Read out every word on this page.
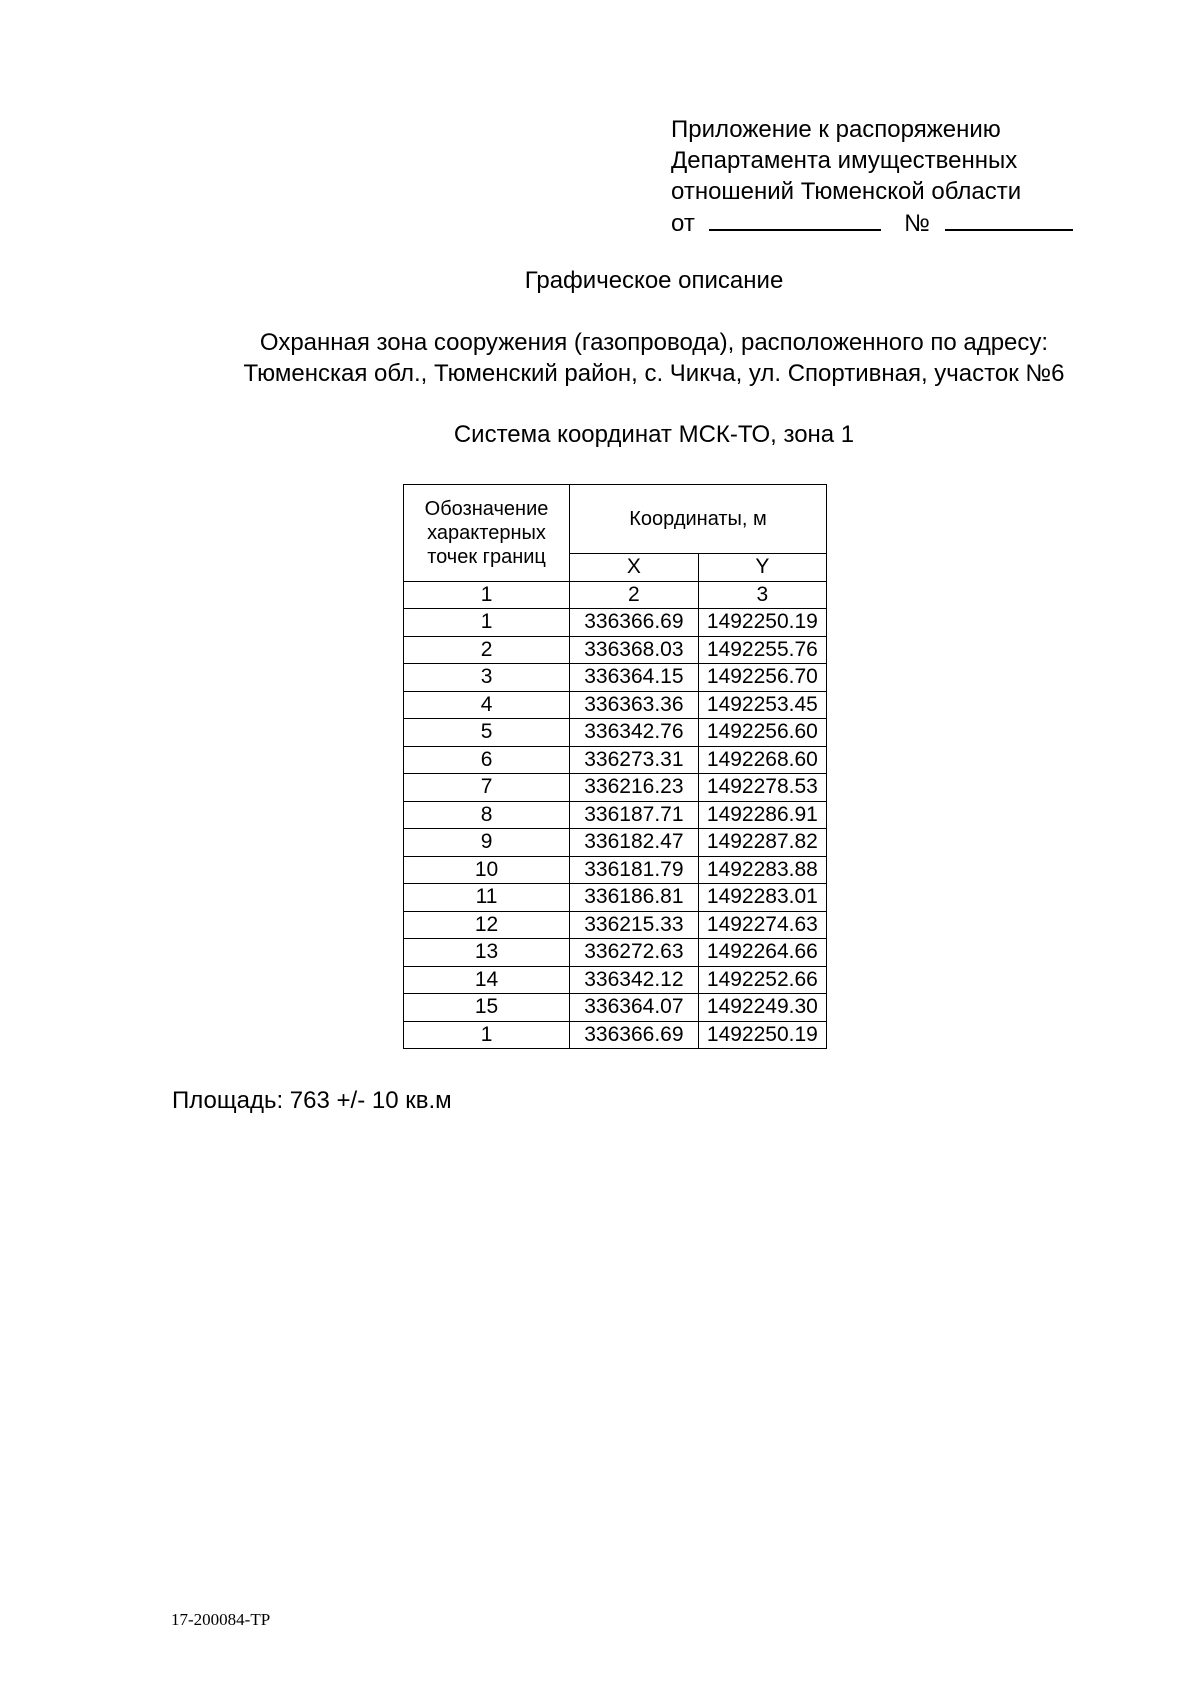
Приложение к распоряжению
Департамента имущественных
отношений Тюменской области
от	№
Графическое описание
Охранная зона сооружения (газопровода), расположенного по адресу:
Тюменская обл., Тюменский район, с. Чикча, ул. Спортивная, участок №6
Система координат МСК-ТО, зона 1
Обозначение характерных точек границ	Координаты, м	
	X	Y
1	2	3
1	336366.69	1492250.19
2	336368.03	1492255.76
3	336364.15	1492256.70
4	336363.36	1492253.45
5	336342.76	1492256.60
6	336273.31	1492268.60
7	336216.23	1492278.53
8	336187.71	1492286.91
9	336182.47	1492287.82
10	336181.79	1492283.88
11	336186.81	1492283.01
12	336215.33	1492274.63
13	336272.63	1492264.66
14	336342.12	1492252.66
15	336364.07	1492249.30
1	336366.69	1492250.19
Площадь: 763 +/- 10 кв.м
17-200084-ТР
